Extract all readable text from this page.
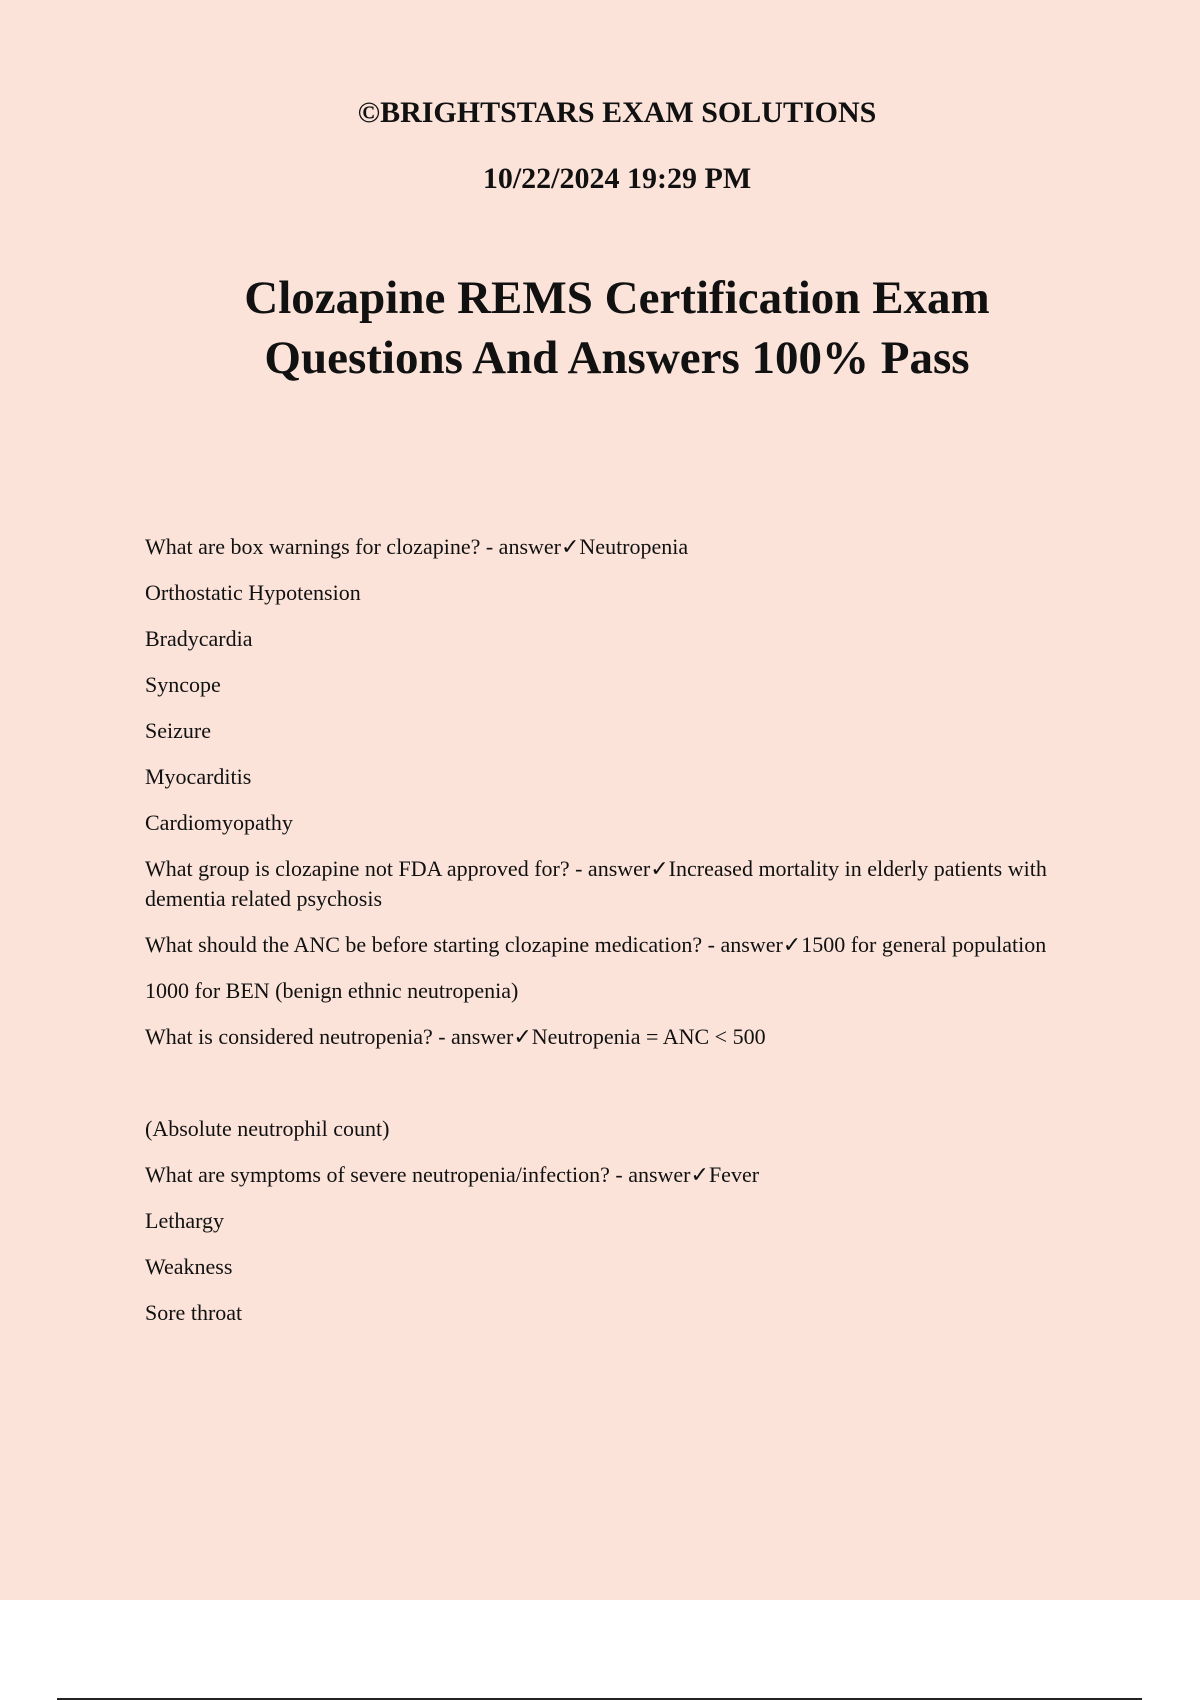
©BRIGHTSTARS EXAM SOLUTIONS
10/22/2024 19:29 PM
Clozapine REMS Certification Exam
Questions And Answers 100% Pass

What are box warnings for clozapine? - answer✓Neutropenia

Orthostatic Hypotension

Bradycardia

Syncope

Seizure

Myocarditis

Cardiomyopathy

What group is clozapine not FDA approved for? - answer✓Increased mortality in elderly patients with dementia related psychosis

What should the ANC be before starting clozapine medication? - answer✓1500 for general population

1000 for BEN (benign ethnic neutropenia)

What is considered neutropenia? - answer✓Neutropenia = ANC < 500

(Absolute neutrophil count)

What are symptoms of severe neutropenia/infection? - answer✓Fever

Lethargy

Weakness

Sore throat
